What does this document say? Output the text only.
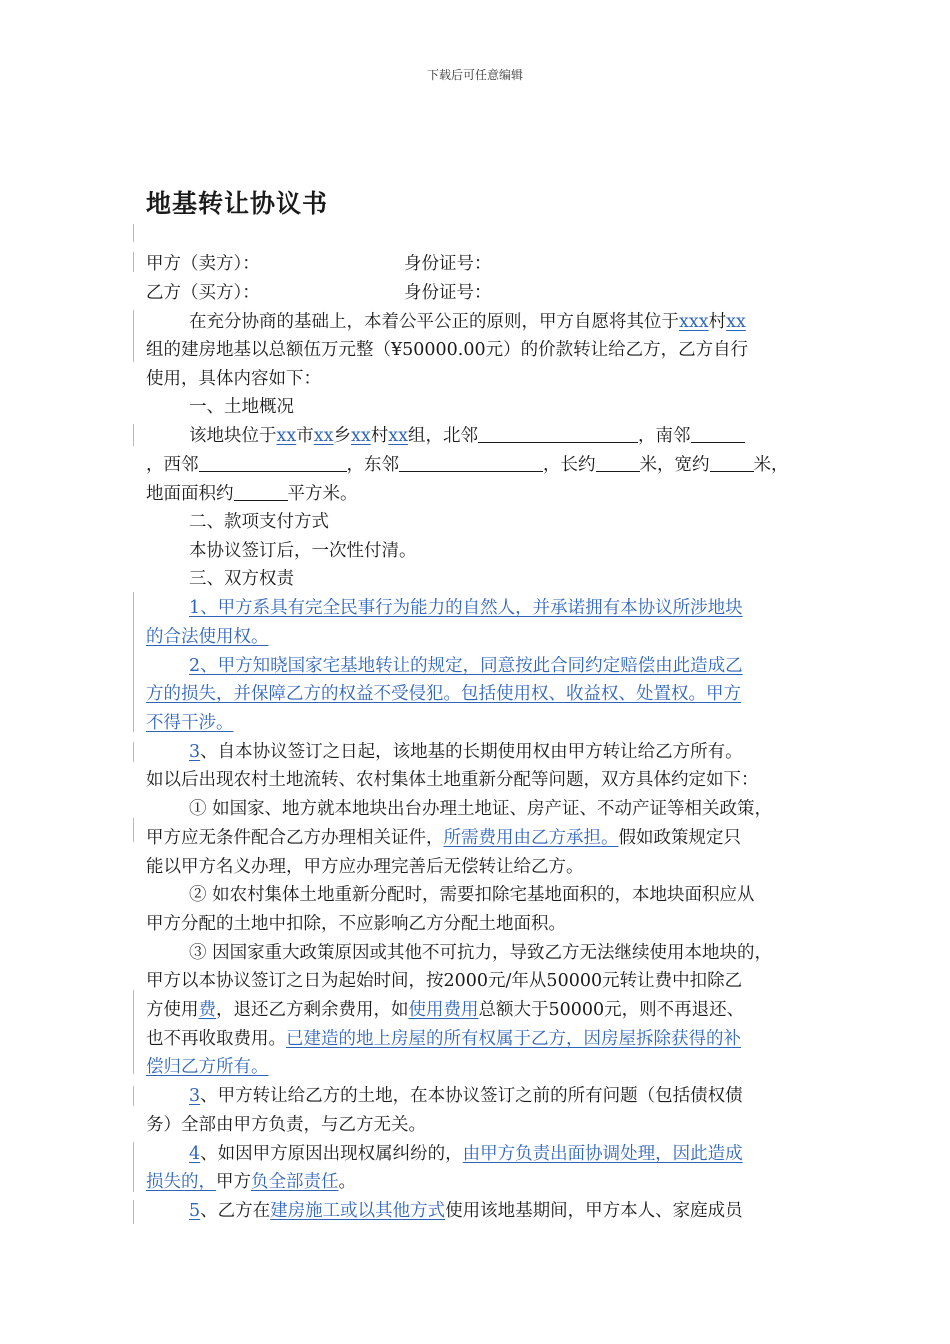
下载后可任意编辑
地基转让协议书
甲方（卖方）：	身份证号：
乙方（买方）：	身份证号：
在充分协商的基础上，本着公平公正的原则，甲方自愿将其位于xxx村xx
组的建房地基以总额伍万元整（¥50000.00元）的价款转让给乙方，乙方自行
使用，具体内容如下：
一、土地概况
该地块位于xx市xx乡xx村xx组，北邻	，南邻
，西邻	，东邻	，长约	米，宽约	米，
地面面积约	平方米。
二、款项支付方式
本协议签订后，一次性付清。
三、双方权责
1、甲方系具有完全民事行为能力的自然人，并承诺拥有本协议所涉地块
的合法使用权。
2、甲方知晓国家宅基地转让的规定，同意按此合同约定赔偿由此造成乙
方的损失，并保障乙方的权益不受侵犯。包括使用权、收益权、处置权。甲方
不得干涉。
3、自本协议签订之日起，该地基的长期使用权由甲方转让给乙方所有。
如以后出现农村土地流转、农村集体土地重新分配等问题，双方具体约定如下：
① 如国家、地方就本地块出台办理土地证、房产证、不动产证等相关政策，
甲方应无条件配合乙方办理相关证件，所需费用由乙方承担。假如政策规定只
能以甲方名义办理，甲方应办理完善后无偿转让给乙方。
② 如农村集体土地重新分配时，需要扣除宅基地面积的，本地块面积应从
甲方分配的土地中扣除，不应影响乙方分配土地面积。
③ 因国家重大政策原因或其他不可抗力，导致乙方无法继续使用本地块的，
甲方以本协议签订之日为起始时间，按2000元/年从50000元转让费中扣除乙
方使用费，退还乙方剩余费用，如使用费用总额大于50000元，则不再退还、
也不再收取费用。已建造的地上房屋的所有权属于乙方，因房屋拆除获得的补
偿归乙方所有。
3、甲方转让给乙方的土地，在本协议签订之前的所有问题（包括债权债
务）全部由甲方负责，与乙方无关。
4、如因甲方原因出现权属纠纷的，由甲方负责出面协调处理，因此造成
损失的，甲方负全部责任。
5、乙方在建房施工或以其他方式使用该地基期间，甲方本人、家庭成员
